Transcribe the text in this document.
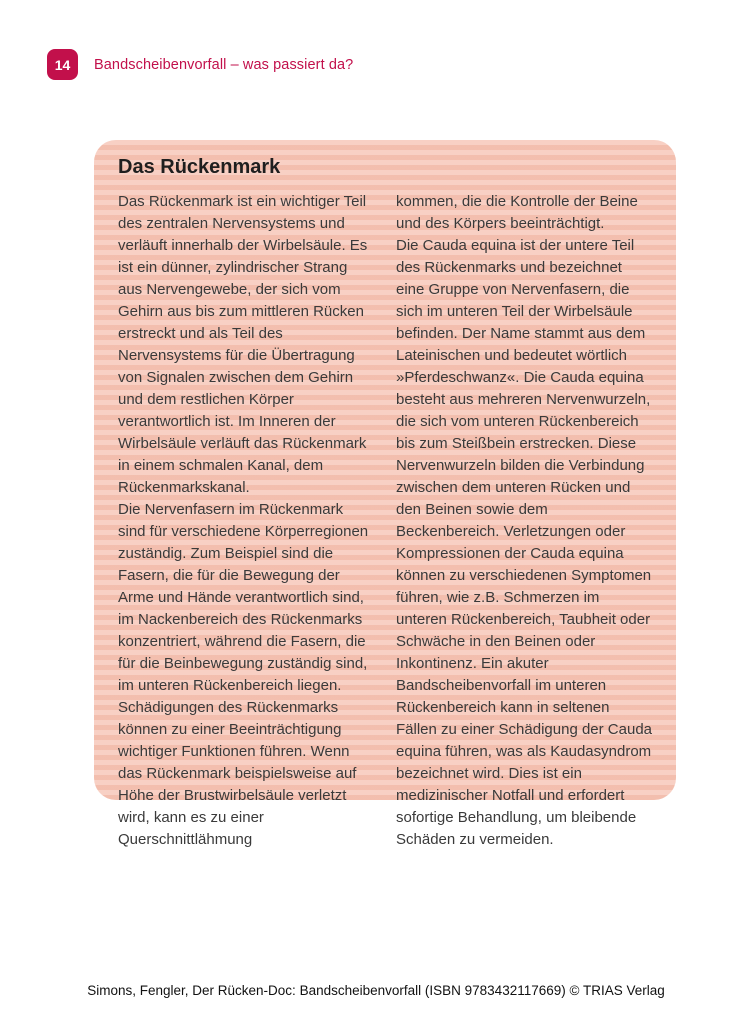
14	Bandscheibenvorfall – was passiert da?
Das Rückenmark

Das Rückenmark ist ein wichtiger Teil des zentralen Nervensystems und verläuft innerhalb der Wirbelsäule. Es ist ein dünner, zylindrischer Strang aus Nervengewebe, der sich vom Gehirn aus bis zum mittleren Rücken erstreckt und als Teil des Nervensystems für die Übertragung von Signalen zwischen dem Gehirn und dem restlichen Körper verantwortlich ist. Im Inneren der Wirbelsäule verläuft das Rückenmark in einem schmalen Kanal, dem Rückenmarkskanal.

Die Nervenfasern im Rückenmark sind für verschiedene Körperregionen zuständig. Zum Beispiel sind die Fasern, die für die Bewegung der Arme und Hände verantwortlich sind, im Nackenbereich des Rückenmarks konzentriert, während die Fasern, die für die Beinbewegung zuständig sind, im unteren Rückenbereich liegen. Schädigungen des Rückenmarks können zu einer Beeinträchtigung wichtiger Funktionen führen. Wenn das Rückenmark beispielsweise auf Höhe der Brustwirbelsäule verletzt wird, kann es zu einer Querschnittlähmung

kommen, die die Kontrolle der Beine und des Körpers beeinträchtigt.

Die Cauda equina ist der untere Teil des Rückenmarks und bezeichnet eine Gruppe von Nervenfasern, die sich im unteren Teil der Wirbelsäule befinden. Der Name stammt aus dem Lateinischen und bedeutet wörtlich »Pferdeschwanz«. Die Cauda equina besteht aus mehreren Nervenwurzeln, die sich vom unteren Rückenbereich bis zum Steißbein erstrecken. Diese Nervenwurzeln bilden die Verbindung zwischen dem unteren Rücken und den Beinen sowie dem Beckenbereich. Verletzungen oder Kompressionen der Cauda equina können zu verschiedenen Symptomen führen, wie z.B. Schmerzen im unteren Rückenbereich, Taubheit oder Schwäche in den Beinen oder Inkontinenz. Ein akuter Bandscheibenvorfall im unteren Rückenbereich kann in seltenen Fällen zu einer Schädigung der Cauda equina führen, was als Kaudasyndrom bezeichnet wird. Dies ist ein medizinischer Notfall und erfordert sofortige Behandlung, um bleibende Schäden zu vermeiden.

Simons, Fengler, Der Rücken-Doc: Bandscheibenvorfall (ISBN 9783432117669) © TRIAS Verlag
